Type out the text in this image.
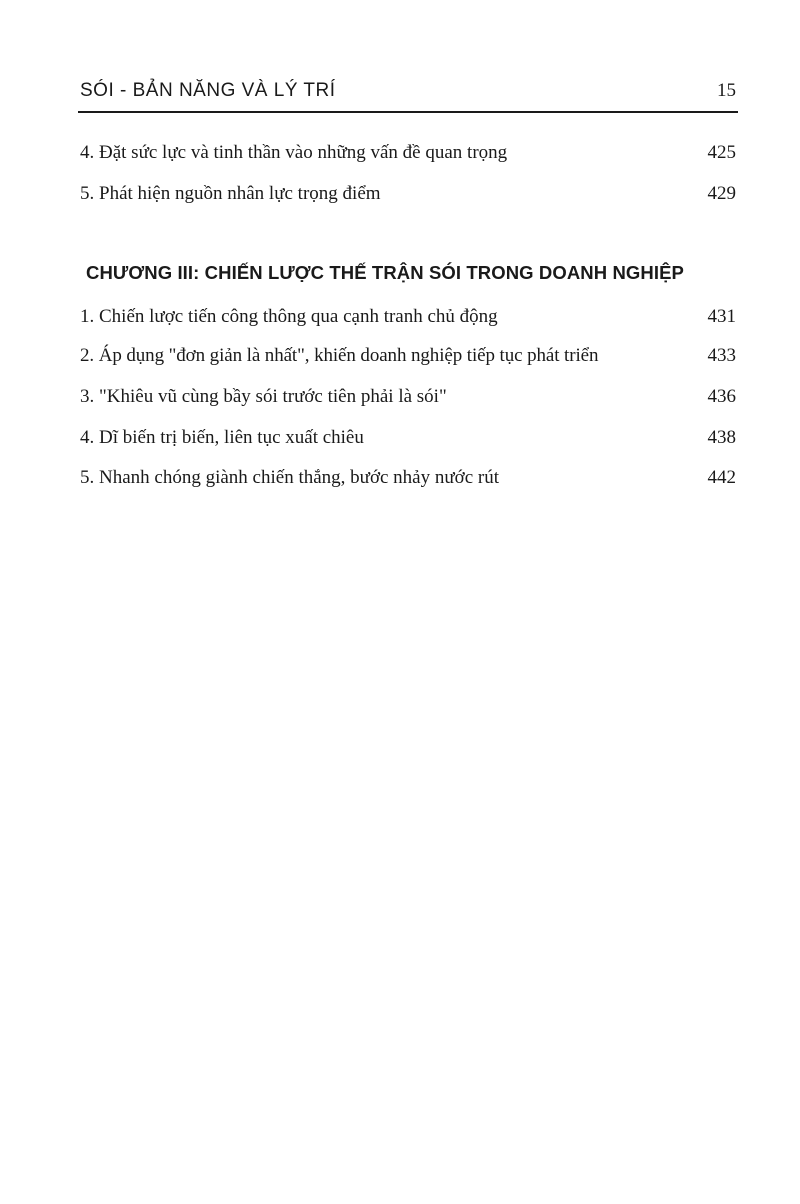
SÓI - BẢN NĂNG VÀ LÝ TRÍ	15
4. Đặt sức lực và tinh thần vào những vấn đề quan trọng	425
5. Phát hiện nguồn nhân lực trọng điểm	429
CHƯƠNG III: CHIẾN LƯỢC THẾ TRẬN SÓI TRONG DOANH NGHIỆP
1. Chiến lược tiến công thông qua cạnh tranh chủ động	431
2. Áp dụng "đơn giản là nhất", khiến doanh nghiệp tiếp tục phát triển	433
3. "Khiêu vũ cùng bầy sói trước tiên phải là sói"	436
4. Dĩ biến trị biến, liên tục xuất chiêu	438
5. Nhanh chóng giành chiến thắng, bước nhảy nước rút	442
